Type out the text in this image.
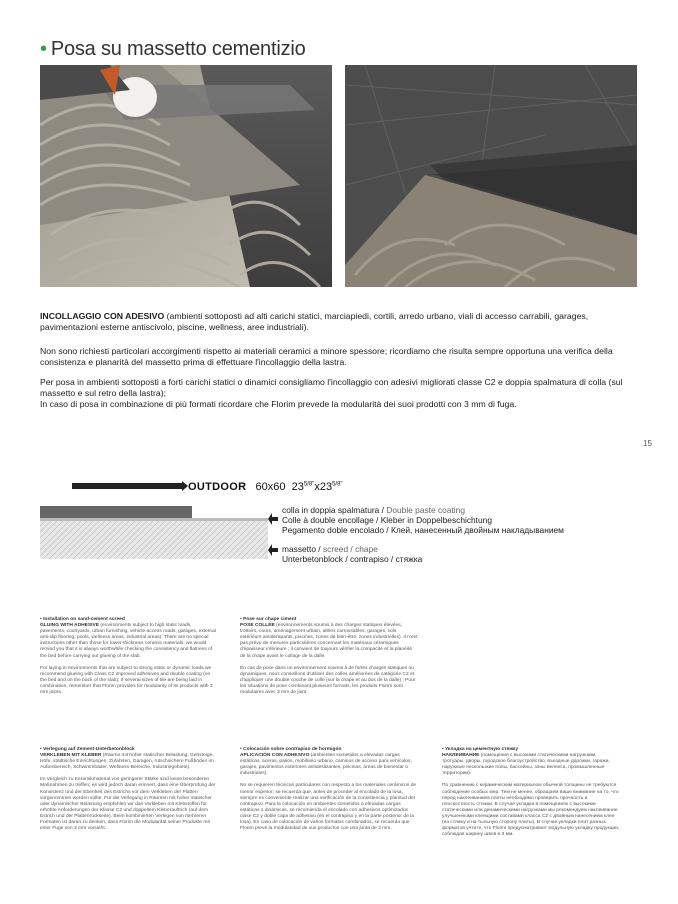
• Posa su massetto cementizio
INCOLLAGGIO CON ADESIVO (ambienti sottoposti ad alti carichi statici, marciapiedi, cortili, arredo urbano, viali di accesso carrabili, garages, pavimentazioni esterne antiscivolo, piscine, wellness, aree industriali).
Non sono richiesti particolari accorgimenti rispetto ai materiali ceramici a minore spessore; ricordiamo che risulta sempre opportuna una verifica della consistenza e planarità del massetto prima di effettuare l'incollaggio della lastra.
Per posa in ambienti sottoposti a forti carichi statici o dinamici consigliamo l'incollaggio con adesivi migliorati classe C2 e doppia spalmatura di colla (sul massetto e sul retro della lastra);
In caso di posa in combinazione di più formati ricordare che Florim prevede la modularità dei suoi prodotti con 3 mm di fuga.
15
OUTDOOR 60x60 $23^{5/8"}x23^{5/8"}$
colla in doppia spalmatura / Double paste coating
Colle à double encollage / Kleber in Doppelbeschichtung
Pegamento doble encolado / Клей, нанесенный двойным накладыванием
massetto / screed / chape
Unterbetonblock / contrapiso / стяжка
• Installation on sand-cement screed

GLUING WITH ADHESIVE (environments subject to high static loads, pavements, courtyards, urban furnishing, vehicle access roads, garages, external anti-slip flooring, pools, wellness areas, industrial areas). There are no special instructions other than those for lower-thickness ceramic materials; we would remind you that it is always worthwhile checking the consistency and flatness of the bed before carrying out glueing of the slab.

For laying in environments that are subject to strong static or dynamic loads we recommend glueing with Class C2 improved adhesives and double coating (on the bed and on the back of the slab); If several sizes of tile are being laid in combination, remember that Florim provides for modularity of its products with 3 mm joints.

• Pose sur chape ciment

POSE COLLÉE (environnements soumis à des charges statiques élevées, trottoirs, cours, aménagement urbain, allées carrossables, garages, sols extérieurs antidérapants, piscines, zones de bien-être, zones industrielles). Il n'est pas prévu de mesures particulières concernant les matériaux céramiques d'épaisseur inférieure ; il convient de toujours vérifier la compacité et la planéité de la chape avant le collage de la dalle.

En cas de pose dans un environnement soumis à de fortes charges statiques ou dynamiques, nous conseillons d'utiliser des colles améliorées de catégorie C2 et d'appliquer une double couche de colle (sur la chape et au dos de la dalle) ; Pour les situations de pose combinant plusieurs formats, les produits Florim sont modulaires avec 3 mm de joint.

• Verlegung auf Zement-Unterbetonblock

VERKLEBEN MIT KLEBER (Räume mit hoher statischer Belastung, Gehsteige, Höfe, städtische Einrichtungen, Zufahrten, Garagen, rutschsichere Fußböden im Außenbereich, Schwimmbäder, Wellness-Bereiche, Industriegebiete).

Im Vergleich zu Keramikmaterial von geringerer Stärke sind keine besonderen Maßnahmen zu treffen; es wird jedoch daran erinnert, dass eine Überprüfung der Konsistenz und der Ebenheit des Estrichs vor dem Verkleben der Platten vorgenommen werden sollte. Für die Verlegung in Räumen mit hoher statischer oder dynamischer Belastung empfehlen wir das Verkleben mit Klebstoffen für erhöhte Anforderungen der Klasse C2 und doppeltem Kleberauftrich (auf dem Estrich und der Plattenrückseite). Beim kombinierten Verlegen von mehreren Formaten ist daran zu denken, dass Florim die Modularität seiner Produkte mit einer Fuge von 3 mm vorsieht.

• Colocación sobre contrapiso de hormigón

APLICACIÓN CON ADHESIVO (ambientes sometidos a elevadas cargas estáticas, aceras, patios, mobiliario urbano, caminos de acceso para vehículos, garajes, pavimentos exteriores antideslizantes, piscinas, áreas de bienestar o industriales).

No se requieren técnicas particulares con respecto a los materiales cerámicos de menor espesor; se recuerda que, antes de proceder al encolado de la losa, siempre es conveniente realizar una verificación de la consistencia y planitud del contrapiso. Para la colocación en ambientes sometidos a elevadas cargas estáticas o dinámicas, se recomienda el encolado con adhesivos optimizados clase C2 y doble capa de adhesivo (en el contrapiso y en la parte posterior de la losa). En caso de colocación de varios formatos combinados, se recuerda que Florim prevé la modularidad de sus productos con una junta de 3 mm.

• Укладка на цементную стяжку

НАКЛЕИВАНИЕ (помещения с высокими статическими нагрузками, тротуары, дворы, городское благоустройство, въездные дорожки, гаражи, наружные нескользкие полы, бассейны, зоны велнеса, промышленные территории).

По сравнению с керамическим материалом обычной толщины не требуются соблюдение особых мер. Тем не менее, обращаем ваше внимание на то, что перед наклеиванием плиты необходимо проверить прочность и плоскостность стяжки. В случае укладки в помещениях с высокими статическими или динамическими нагрузками мы рекомендуем наклеивание улучшенными клеящими составами класса C2 с двойным нанесением клея (на стяжку и на тыльную сторону плиты). В случае укладки плит разных форматов учтите, что Florim предусматривает модульную укладку продукции, соблюдая ширину швов в 3 мм.
